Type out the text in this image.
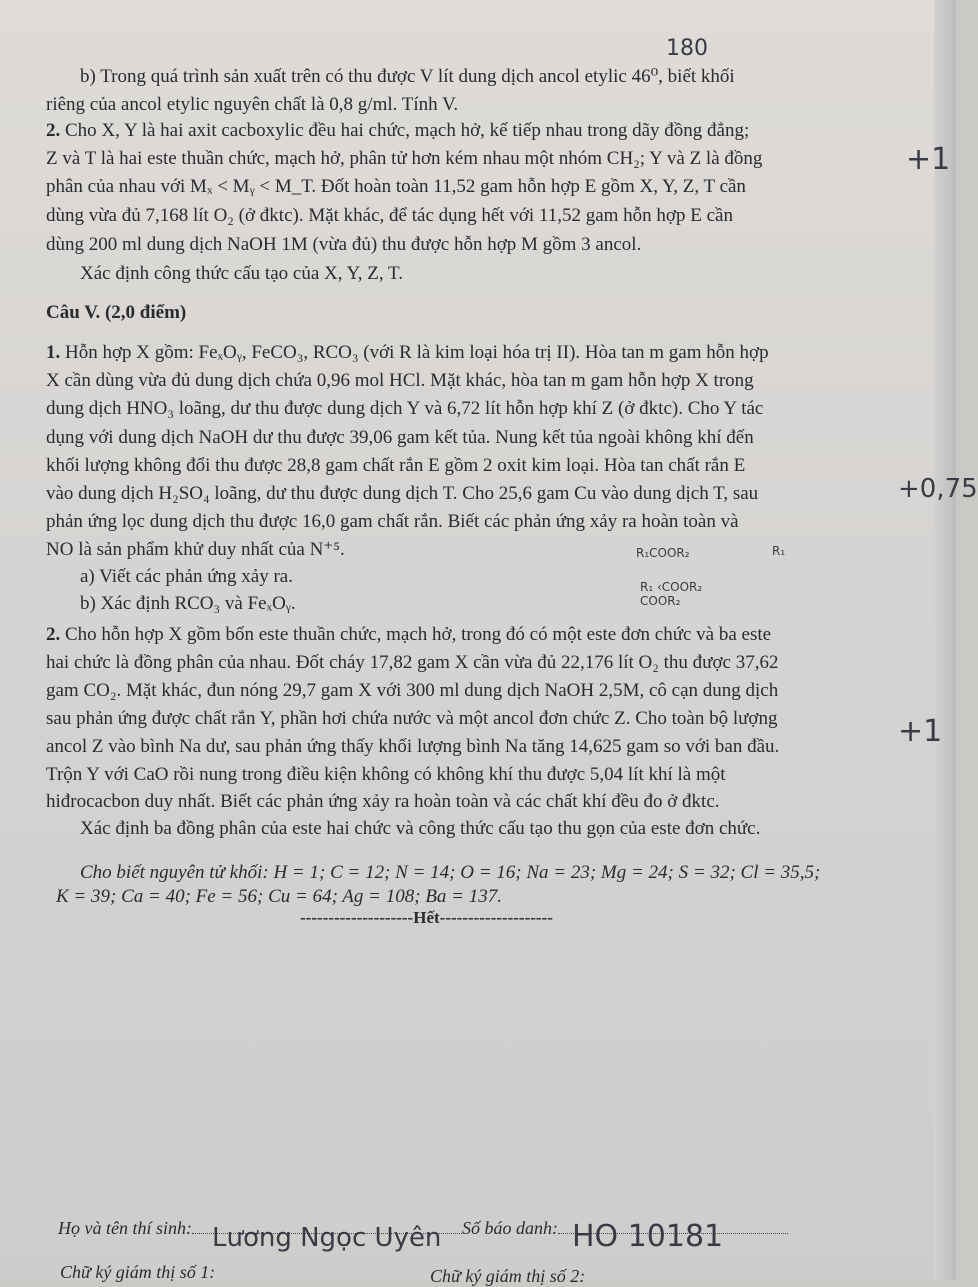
180
+1
+0,75
+1
R₁COOR₂	R₁
R₁ ‹COOR₂ COOR₂
b) Trong quá trình sản xuất trên có thu được V lít dung dịch ancol etylic 46⁰, biết khối
riêng của ancol etylic nguyên chất là 0,8 g/ml. Tính V.
2. Cho X, Y là hai axit cacboxylic đều hai chức, mạch hở, kế tiếp nhau trong dãy đồng đẳng;
Z và T là hai este thuần chức, mạch hở, phân tử hơn kém nhau một nhóm CH₂; Y và Z là đồng
phân của nhau với Mₓ < Mᵧ < M_T. Đốt hoàn toàn 11,52 gam hỗn hợp E gồm X, Y, Z, T cần
dùng vừa đủ 7,168 lít O₂ (ở đktc). Mặt khác, để tác dụng hết với 11,52 gam hỗn hợp E cần
dùng 200 ml dung dịch NaOH 1M (vừa đủ) thu được hỗn hợp M gồm 3 ancol.
Xác định công thức cấu tạo của X, Y, Z, T.
Câu V. (2,0 điểm)
1. Hỗn hợp X gồm: FeₓOᵧ, FeCO₃, RCO₃ (với R là kim loại hóa trị II). Hòa tan m gam hỗn hợp
X cần dùng vừa đủ dung dịch chứa 0,96 mol HCl. Mặt khác, hòa tan m gam hỗn hợp X trong
dung dịch HNO₃ loãng, dư thu được dung dịch Y và 6,72 lít hỗn hợp khí Z (ở đktc). Cho Y tác
dụng với dung dịch NaOH dư thu được 39,06 gam kết tủa. Nung kết tủa ngoài không khí đến
khối lượng không đổi thu được 28,8 gam chất rắn E gồm 2 oxit kim loại. Hòa tan chất rắn E
vào dung dịch H₂SO₄ loãng, dư thu được dung dịch T. Cho 25,6 gam Cu vào dung dịch T, sau
phản ứng lọc dung dịch thu được 16,0 gam chất rắn. Biết các phản ứng xảy ra hoàn toàn và
NO là sản phẩm khử duy nhất của N⁺⁵.
a) Viết các phản ứng xảy ra.
b) Xác định RCO₃ và FeₓOᵧ.
2. Cho hỗn hợp X gồm bốn este thuần chức, mạch hở, trong đó có một este đơn chức và ba este
hai chức là đồng phân của nhau. Đốt cháy 17,82 gam X cần vừa đủ 22,176 lít O₂ thu được 37,62
gam CO₂. Mặt khác, đun nóng 29,7 gam X với 300 ml dung dịch NaOH 2,5M, cô cạn dung dịch
sau phản ứng được chất rắn Y, phần hơi chứa nước và một ancol đơn chức Z. Cho toàn bộ lượng
ancol Z vào bình Na dư, sau phản ứng thấy khối lượng bình Na tăng 14,625 gam so với ban đầu.
Trộn Y với CaO rồi nung trong điều kiện không có không khí thu được 5,04 lít khí là một
hiđrocacbon duy nhất. Biết các phản ứng xảy ra hoàn toàn và các chất khí đều đo ở đktc.
Xác định ba đồng phân của este hai chức và công thức cấu tạo thu gọn của este đơn chức.
Cho biết nguyên tử khối: H = 1; C = 12; N = 14; O = 16; Na = 23; Mg = 24; S = 32; Cl = 35,5;
K = 39; Ca = 40; Fe = 56; Cu = 64; Ag = 108; Ba = 137.
--------------------Hết--------------------
Họ và tên thí sinh: Lương Ngọc Uyên Số báo danh: HO 10181
Chữ ký giám thị số 1:	Chữ ký giám thị số 2:
